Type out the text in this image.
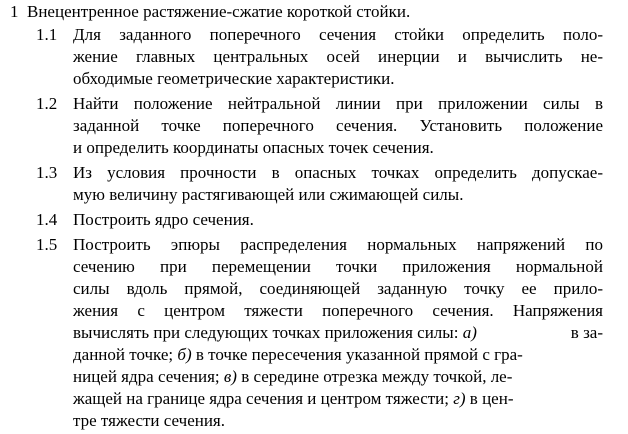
1 Внецентренное растяжение-сжатие короткой стойки.
1.1 Для заданного поперечного сечения стойки определить поло-
жение главных центральных осей инерции и вычислить не-
обходимые геометрические характеристики.
1.2 Найти положение нейтральной линии при приложении силы в
заданной точке поперечного сечения. Установить положение
и определить координаты опасных точек сечения.
1.3 Из условия прочности в опасных точках определить допускае-
мую величину растягивающей или сжимающей силы.
1.4 Построить ядро сечения.
1.5 Построить эпюры распределения нормальных напряжений по
сечению при перемещении точки приложения нормальной
силы вдоль прямой, соединяющей заданную точку ее прило-
жения с центром тяжести поперечного сечения. Напряжения
вычислять при следующих точках приложения силы: а)	в за-
данной точке; б) в точке пересечения указанной прямой с гра-
ницей ядра сечения; в) в середине отрезка между точкой, ле-
жащей на границе ядра сечения и центром тяжести; г) в цен-
тре тяжести сечения.
